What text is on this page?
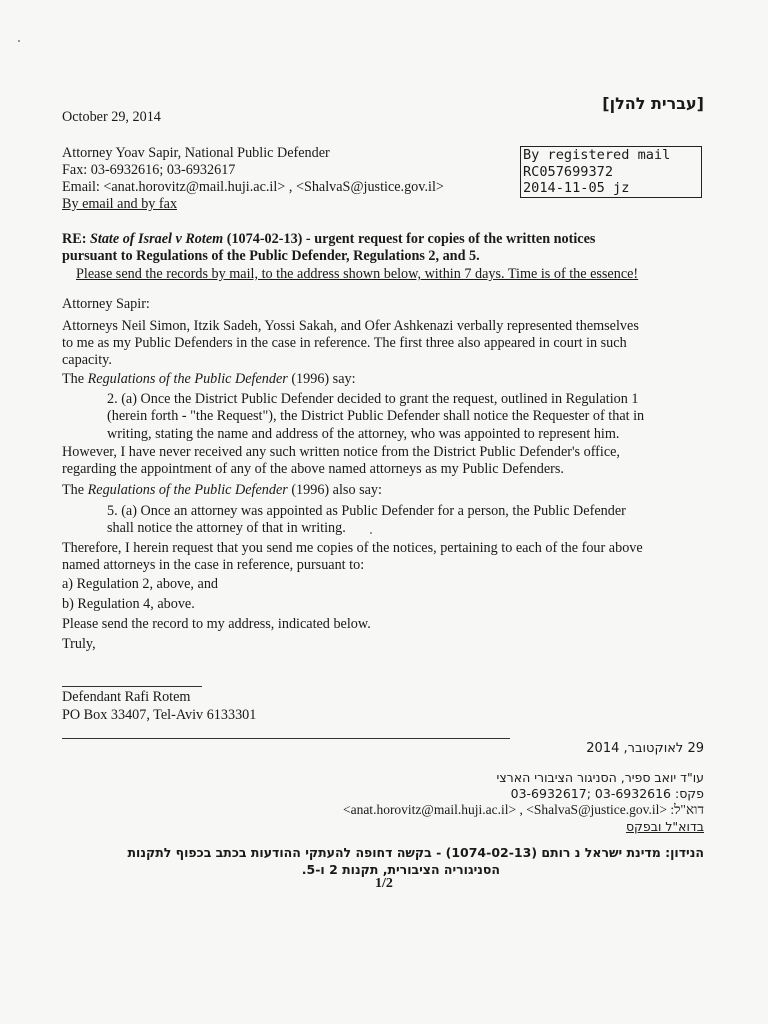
[עברית להלן]
October 29, 2014
Attorney Yoav Sapir, National Public Defender
Fax: 03-6932616; 03-6932617
Email: <anat.horovitz@mail.huji.ac.il> , <ShalvaS@justice.gov.il>
By email and by fax
By registered mail
RC057699372
2014-11-05 jz
RE: State of Israel v Rotem (1074-02-13) - urgent request for copies of the written notices
pursuant to Regulations of the Public Defender, Regulations 2, and 5.
Please send the records by mail, to the address shown below, within 7 days. Time is of the essence!
Attorney Sapir:
Attorneys Neil Simon, Itzik Sadeh, Yossi Sakah, and Ofer Ashkenazi verbally represented themselves
to me as my Public Defenders in the case in reference. The first three also appeared in court in such
capacity.
The Regulations of the Public Defender (1996) say:
2. (a) Once the District Public Defender decided to grant the request, outlined in Regulation 1
(herein forth - "the Request"), the District Public Defender shall notice the Requester of that in
writing, stating the name and address of the attorney, who was appointed to represent him.
However, I have never received any such written notice from the District Public Defender's office,
regarding the appointment of any of the above named attorneys as my Public Defenders.
The Regulations of the Public Defender (1996) also say:
5. (a) Once an attorney was appointed as Public Defender for a person, the Public Defender
shall notice the attorney of that in writing.
Therefore, I herein request that you send me copies of the notices, pertaining to each of the four above
named attorneys in the case in reference, pursuant to:
a) Regulation 2, above, and
b) Regulation 4, above.
Please send the record to my address, indicated below.
Truly,
Defendant Rafi Rotem
PO Box 33407, Tel-Aviv 6133301
29 לאוקטובר, 2014
עו"ד יואב ספיר, הסניגור הציבורי הארצי
פקס: 03-6932616 ;03-6932617
דוא"ל: <anat.horovitz@mail.huji.ac.il> , <ShalvaS@justice.gov.il>
בדוא"ל ובפקס
הנידון: מדינת ישראל נ רותם (1074-02-13) - בקשה דחופה להעתקי ההודעות בכתב בכפוף לתקנות
הסניגוריה הציבורית, תקנות 2 ו-5.
1/2
